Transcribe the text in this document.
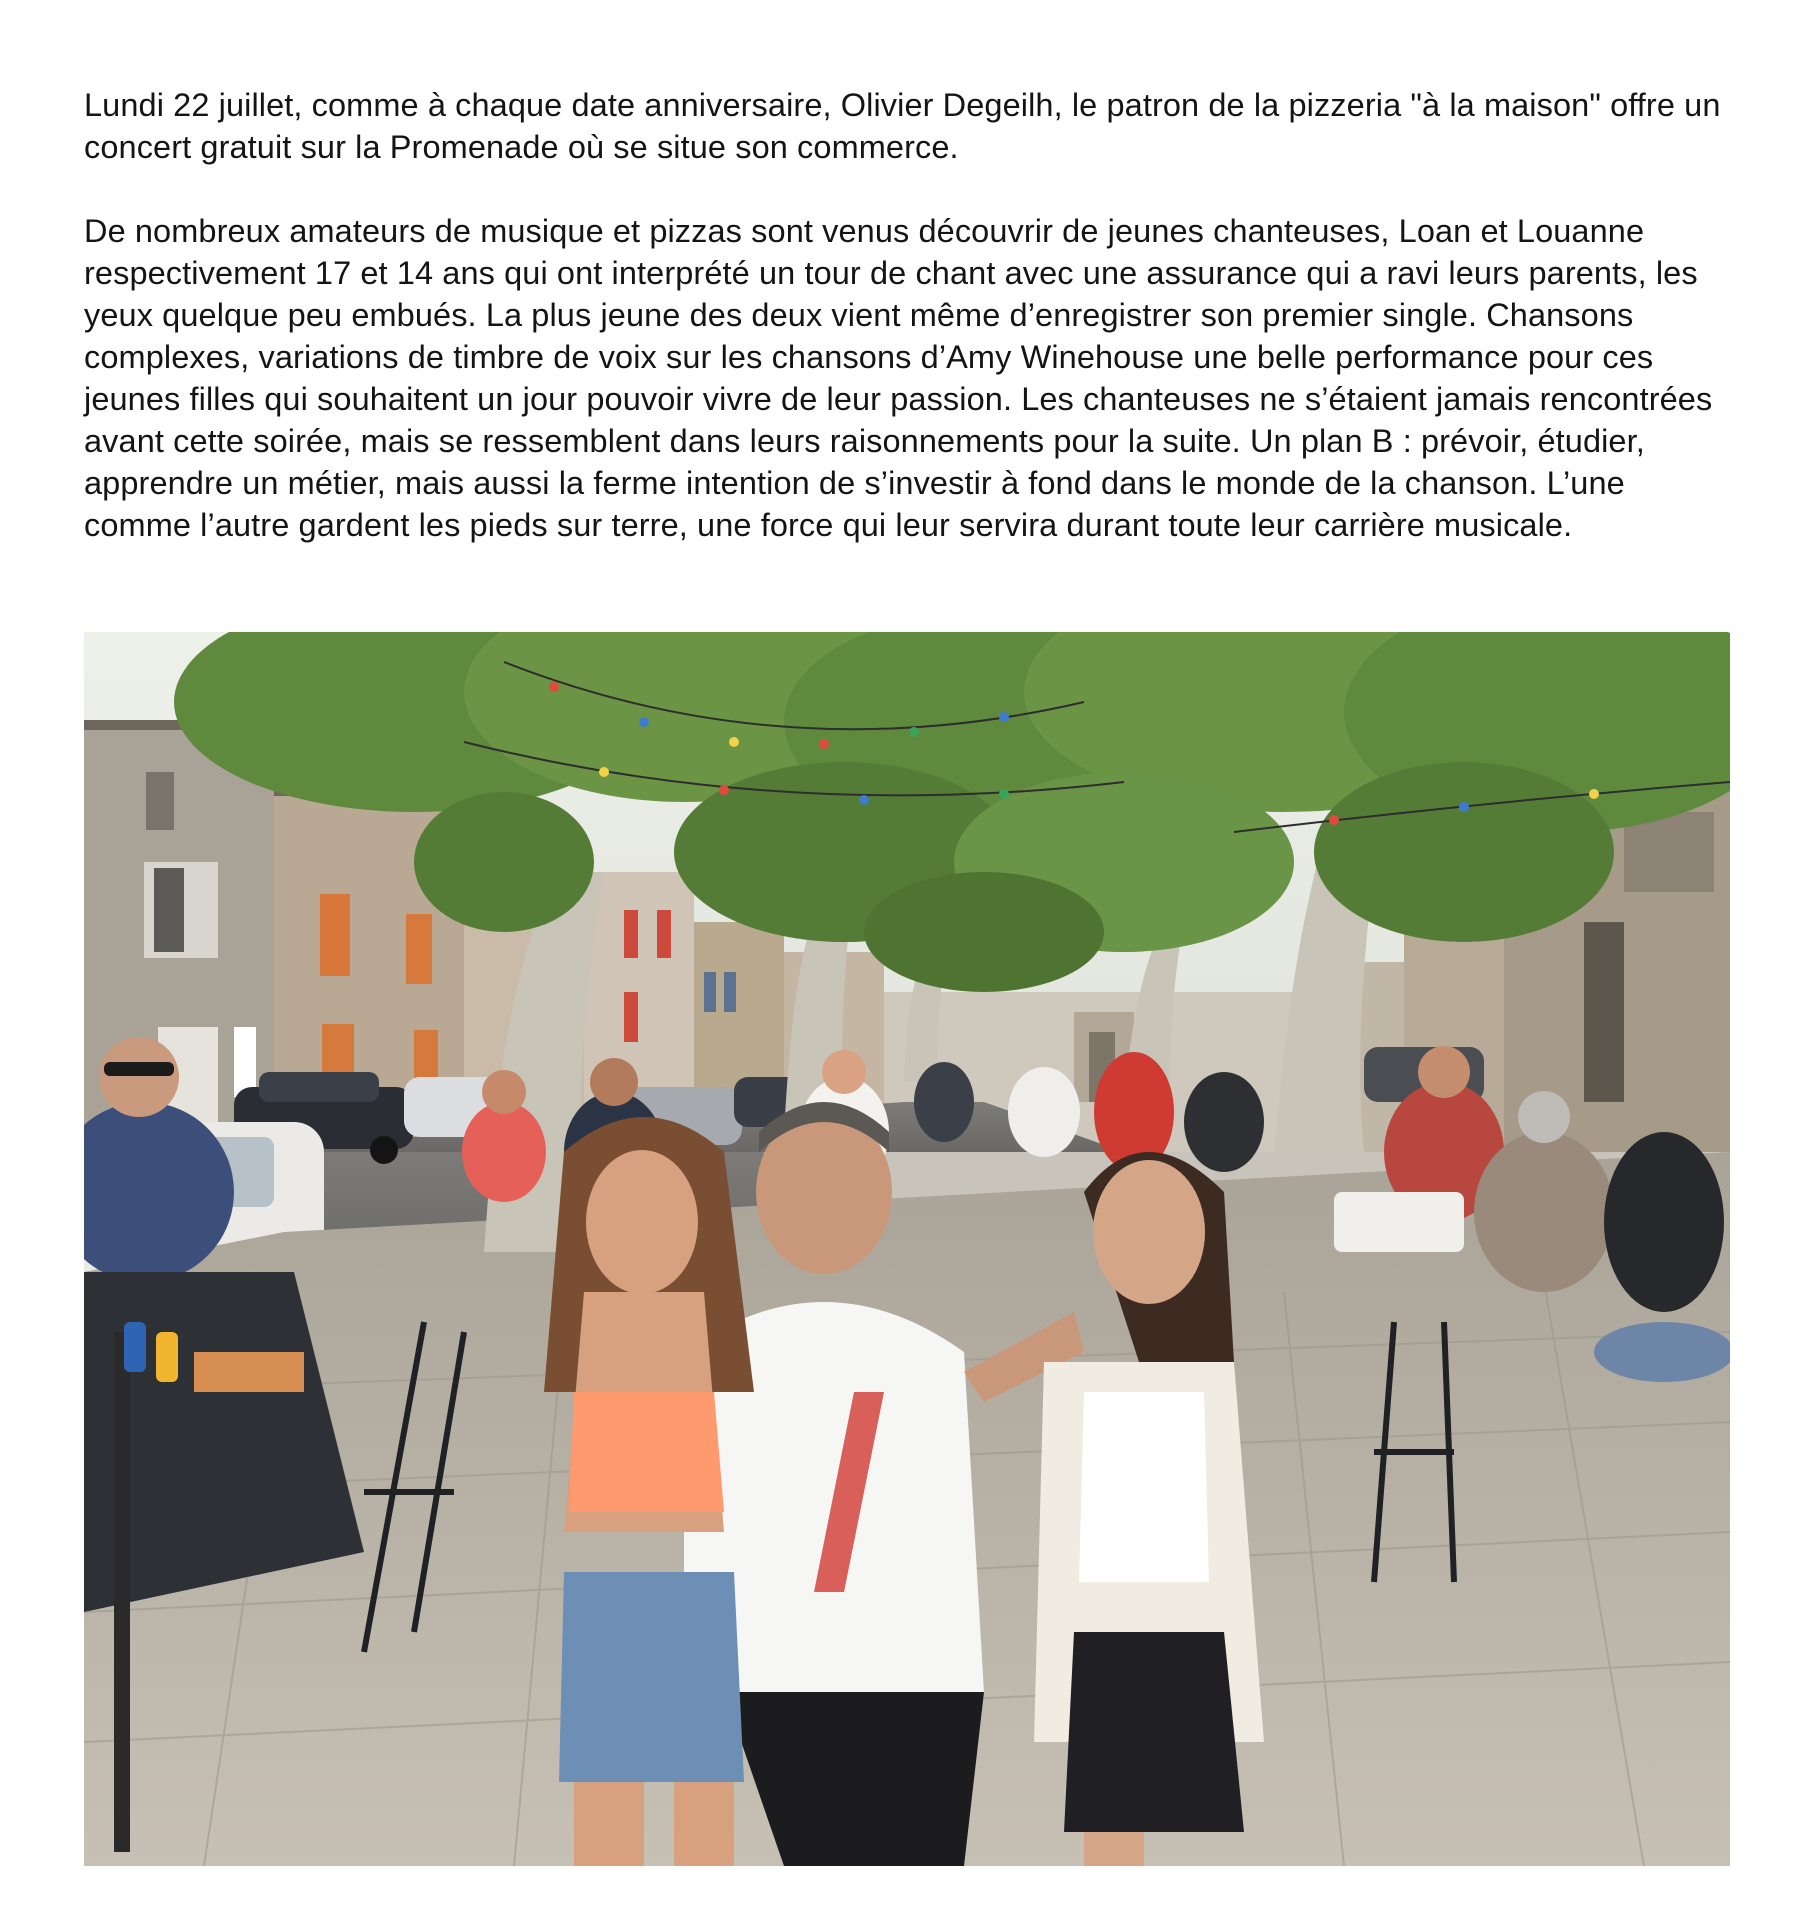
Lundi 22 juillet, comme à chaque date anniversaire, Olivier Degeilh, le patron de la pizzeria "à la maison" offre un concert gratuit sur la Promenade où se situe son commerce.

De nombreux amateurs de musique et pizzas sont venus découvrir de jeunes chanteuses, Loan et Louanne respectivement 17 et 14 ans qui ont interprété un tour de chant avec une assurance qui a ravi leurs parents, les yeux quelque peu embués. La plus jeune des deux vient même d’enregistrer son premier single. Chansons complexes, variations de timbre de voix sur les chansons d’Amy Winehouse une belle performance pour ces jeunes filles qui souhaitent un jour pouvoir vivre de leur passion. Les chanteuses ne s’étaient jamais rencontrées avant cette soirée, mais se ressemblent dans leurs raisonnements pour la suite. Un plan B : prévoir, étudier, apprendre un métier, mais aussi la ferme intention de s’investir à fond dans le monde de la chanson. L’une comme l’autre gardent les pieds sur terre, une force qui leur servira durant toute leur carrière musicale.
